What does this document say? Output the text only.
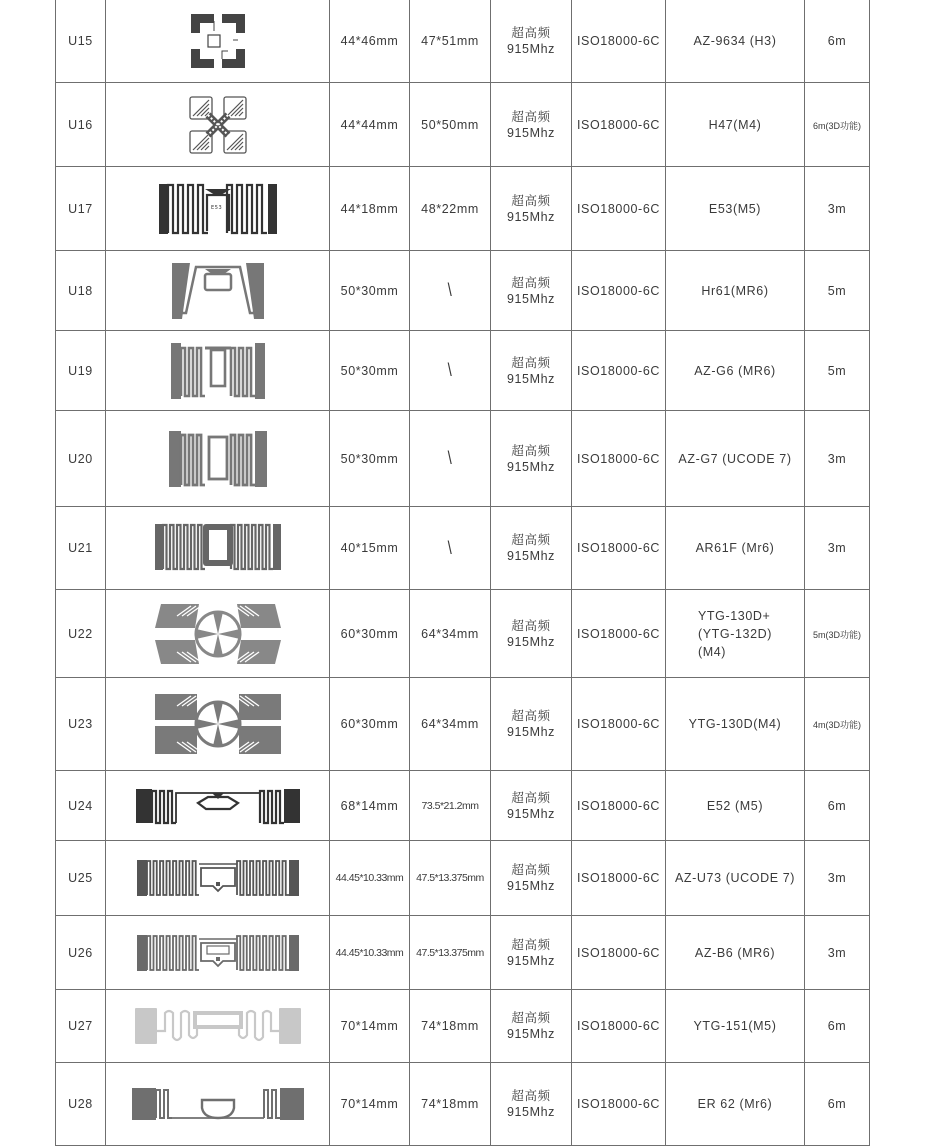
U15		44*46mm	47*51mm	超高频
915Mhz	ISO18000-6C	AZ-9634 (H3)	6m
U16		44*44mm	50*50mm	超高频
915Mhz	ISO18000-6C	H47(M4)	6m(3D功能)
U17	E53	44*18mm	48*22mm	超高频
915Mhz	ISO18000-6C	E53(M5)	3m
U18		50*30mm	\	超高频
915Mhz	ISO18000-6C	Hr61(MR6)	5m
U19		50*30mm	\	超高频
915Mhz	ISO18000-6C	AZ-G6 (MR6)	5m
U20		50*30mm	\	超高频
915Mhz	ISO18000-6C	AZ-G7 (UCODE 7)	3m
U21		40*15mm	\	超高频
915Mhz	ISO18000-6C	AR61F (Mr6)	3m
U22		60*30mm	64*34mm	超高频
915Mhz	ISO18000-6C	YTG-130D+
(YTG-132D)
(M4)	5m(3D功能)
U23		60*30mm	64*34mm	超高频
915Mhz	ISO18000-6C	YTG-130D(M4)	4m(3D功能)
U24		68*14mm	73.5*21.2mm	超高频
915Mhz	ISO18000-6C	E52 (M5)	6m
U25		44.45*10.33mm	47.5*13.375mm	超高频
915Mhz	ISO18000-6C	AZ-U73 (UCODE 7)	3m
U26		44.45*10.33mm	47.5*13.375mm	超高频
915Mhz	ISO18000-6C	AZ-B6 (MR6)	3m
U27		70*14mm	74*18mm	超高频
915Mhz	ISO18000-6C	YTG-151(M5)	6m
U28		70*14mm	74*18mm	超高频
915Mhz	ISO18000-6C	ER 62 (Mr6)	6m
